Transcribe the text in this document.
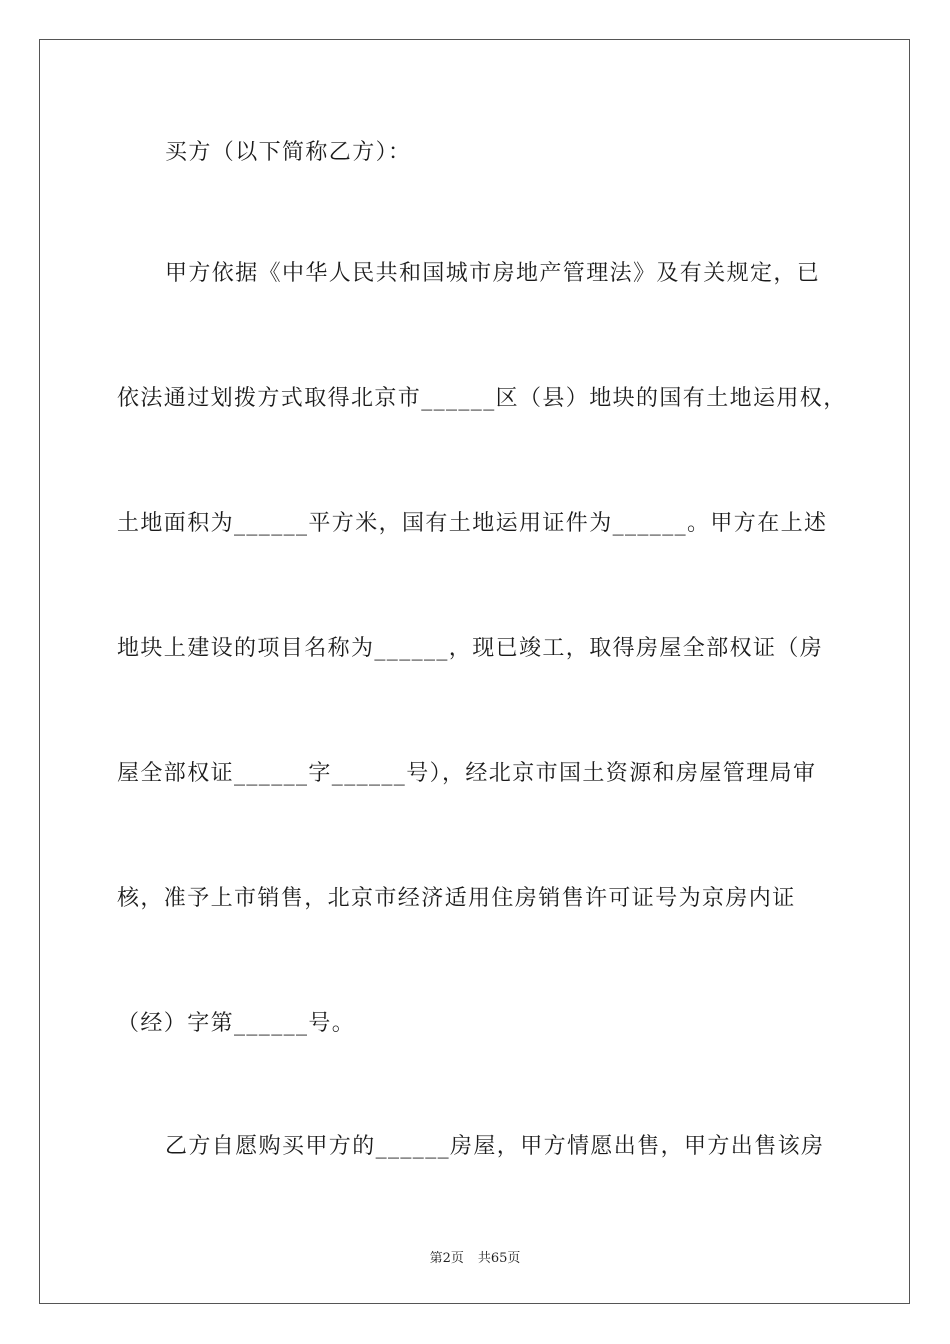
买方（以下简称乙方）：
甲方依据《中华人民共和国城市房地产管理法》及有关规定，已
依法通过划拨方式取得北京市______区（县）地块的国有土地运用权，
土地面积为______平方米，国有土地运用证件为______。甲方在上述
地块上建设的项目名称为______，现已竣工，取得房屋全部权证（房
屋全部权证______字______号），经北京市国土资源和房屋管理局审
核，准予上市销售，北京市经济适用住房销售许可证号为京房内证
（经）字第______号。
乙方自愿购买甲方的______房屋，甲方情愿出售，甲方出售该房
第2页 共65页
